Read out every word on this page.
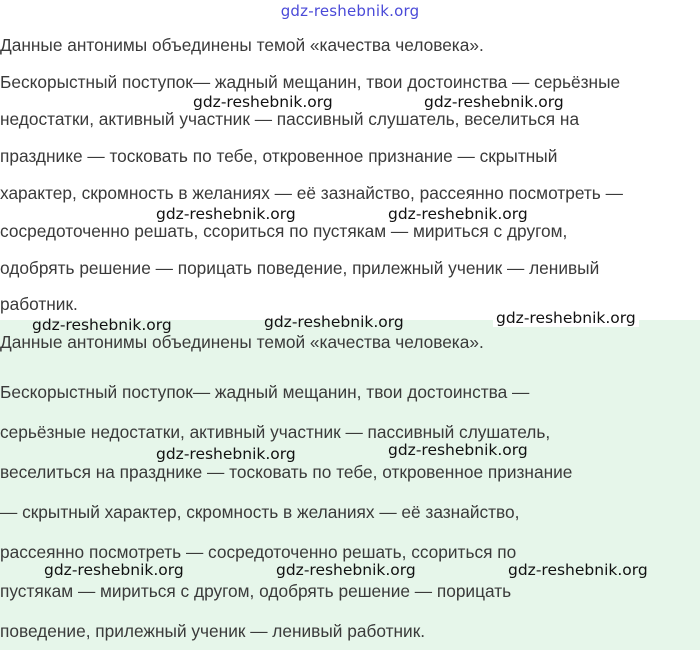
Данные антонимы объединены темой «качества человека».
Бескорыстный поступок— жадный мещанин, твои достоинства — серьёзные
недостатки, активный участник — пассивный слушатель, веселиться на
празднике — тосковать по тебе, откровенное признание — скрытный
характер, скромность в желаниях — её зазнайство, рассеянно посмотреть —
сосредоточенно решать, ссориться по пустякам — мириться с другом,
одобрять решение — порицать поведение, прилежный ученик — ленивый
работник.
Данные антонимы объединены темой «качества человека».
Бескорыстный поступок— жадный мещанин, твои достоинства —
серьёзные недостатки, активный участник — пассивный слушатель,
веселиться на празднике — тосковать по тебе, откровенное признание
— скрытный характер, скромность в желаниях — её зазнайство,
рассеянно посмотреть — сосредоточенно решать, ссориться по
пустякам — мириться с другом, одобрять решение — порицать
поведение, прилежный ученик — ленивый работник.
gdz-reshebnik.org
gdz-reshebnik.org	gdz-reshebnik.org
gdz-reshebnik.org	gdz-reshebnik.org
gdz-reshebnik.org	gdz-reshebnik.org	gdz-reshebnik.org
gdz-reshebnik.org	gdz-reshebnik.org
gdz-reshebnik.org	gdz-reshebnik.org	gdz-reshebnik.org
